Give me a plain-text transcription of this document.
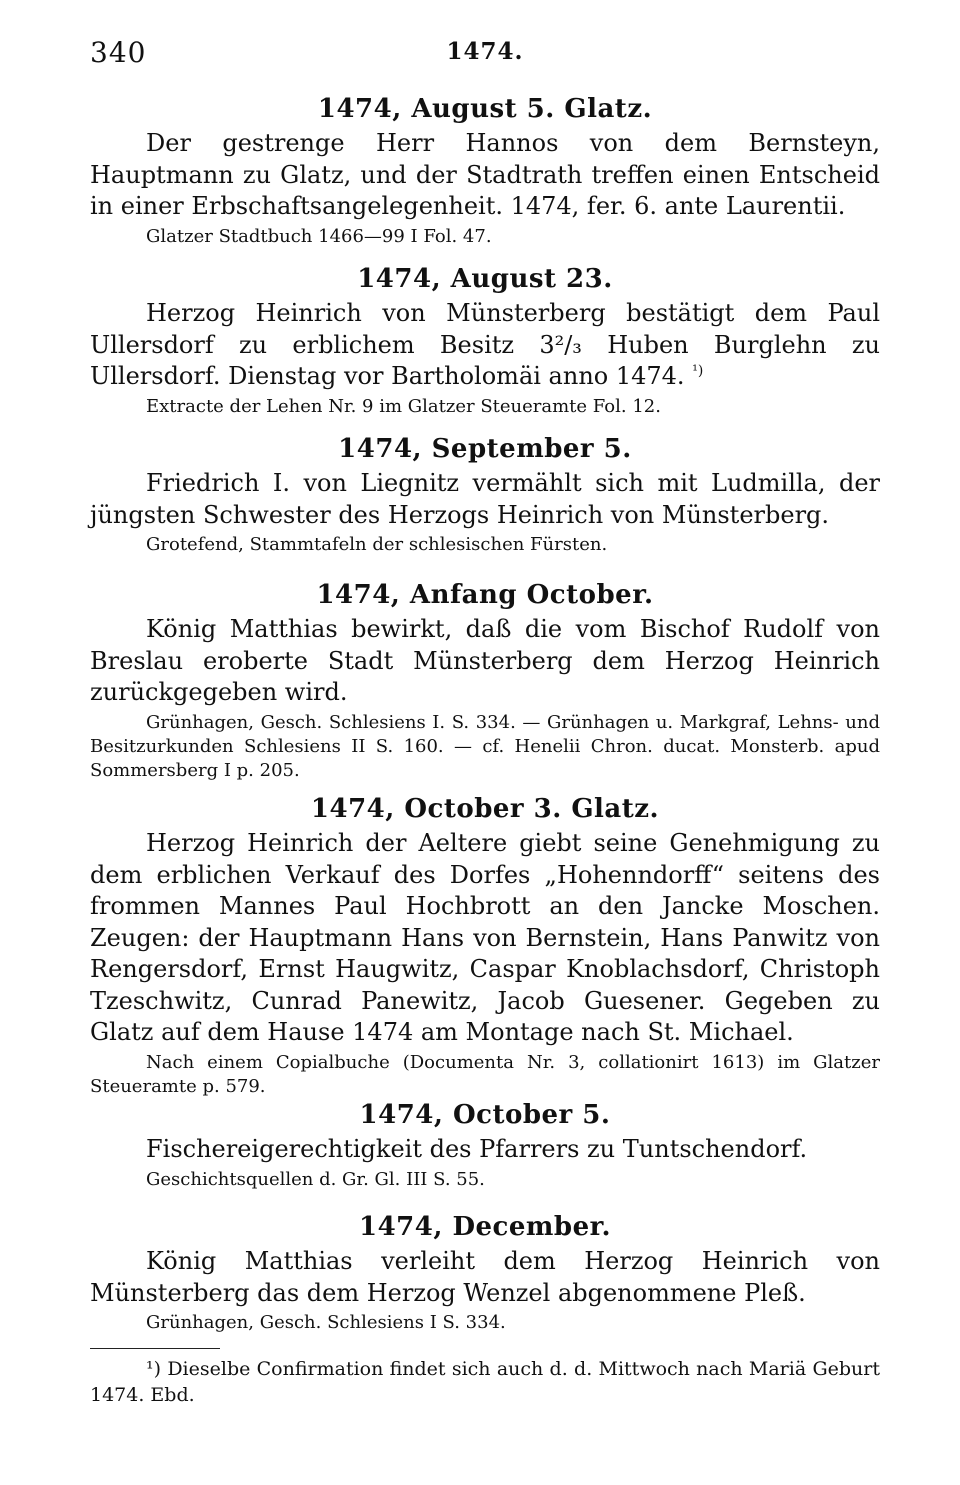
340	1474.
1474, August 5. Glatz.

Der gestrenge Herr Hannos von dem Bernsteyn, Hauptmann zu Glatz, und der Stadtrath treffen einen Entscheid in einer Erbschaftsangelegenheit. 1474, fer. 6. ante Laurentii.

Glatzer Stadtbuch 1466—99 I Fol. 47.

1474, August 23.

Herzog Heinrich von Münsterberg bestätigt dem Paul Ullersdorf zu erblichem Besitz 3²/₃ Huben Burglehn zu Ullersdorf. Dienstag vor Bartholomäi anno 1474. $^{^1)}$

Extracte der Lehen Nr. 9 im Glatzer Steueramte Fol. 12.

1474, September 5.

Friedrich I. von Liegnitz vermählt sich mit Ludmilla, der jüngsten Schwester des Herzogs Heinrich von Münsterberg.

Grotefend, Stammtafeln der schlesischen Fürsten.

1474, Anfang October.

König Matthias bewirkt, daß die vom Bischof Rudolf von Breslau eroberte Stadt Münsterberg dem Herzog Heinrich zurückgegeben wird.

Grünhagen, Gesch. Schlesiens I. S. 334. — Grünhagen u. Markgraf, Lehns- und Besitzurkunden Schlesiens II S. 160. — cf. Henelii Chron. ducat. Monsterb. apud Sommersberg I p. 205.

1474, October 3. Glatz.

Herzog Heinrich der Aeltere giebt seine Genehmigung zu dem erblichen Verkauf des Dorfes „Hohenndorff“ seitens des frommen Mannes Paul Hochbrott an den Jancke Moschen. Zeugen: der Hauptmann Hans von Bernstein, Hans Panwitz von Rengersdorf, Ernst Haugwitz, Caspar Knoblachsdorf, Christoph Tzeschwitz, Cunrad Panewitz, Jacob Guesener. Gegeben zu Glatz auf dem Hause 1474 am Montage nach St. Michael.

Nach einem Copialbuche (Documenta Nr. 3, collationirt 1613) im Glatzer Steueramte p. 579.

1474, October 5.

Fischereigerechtigkeit des Pfarrers zu Tuntschendorf.

Geschichtsquellen d. Gr. Gl. III S. 55.

1474, December.

König Matthias verleiht dem Herzog Heinrich von Münsterberg das dem Herzog Wenzel abgenommene Pleß.

Grünhagen, Gesch. Schlesiens I S. 334.

¹) Dieselbe Confirmation findet sich auch d. d. Mittwoch nach Mariä Geburt 1474. Ebd.
